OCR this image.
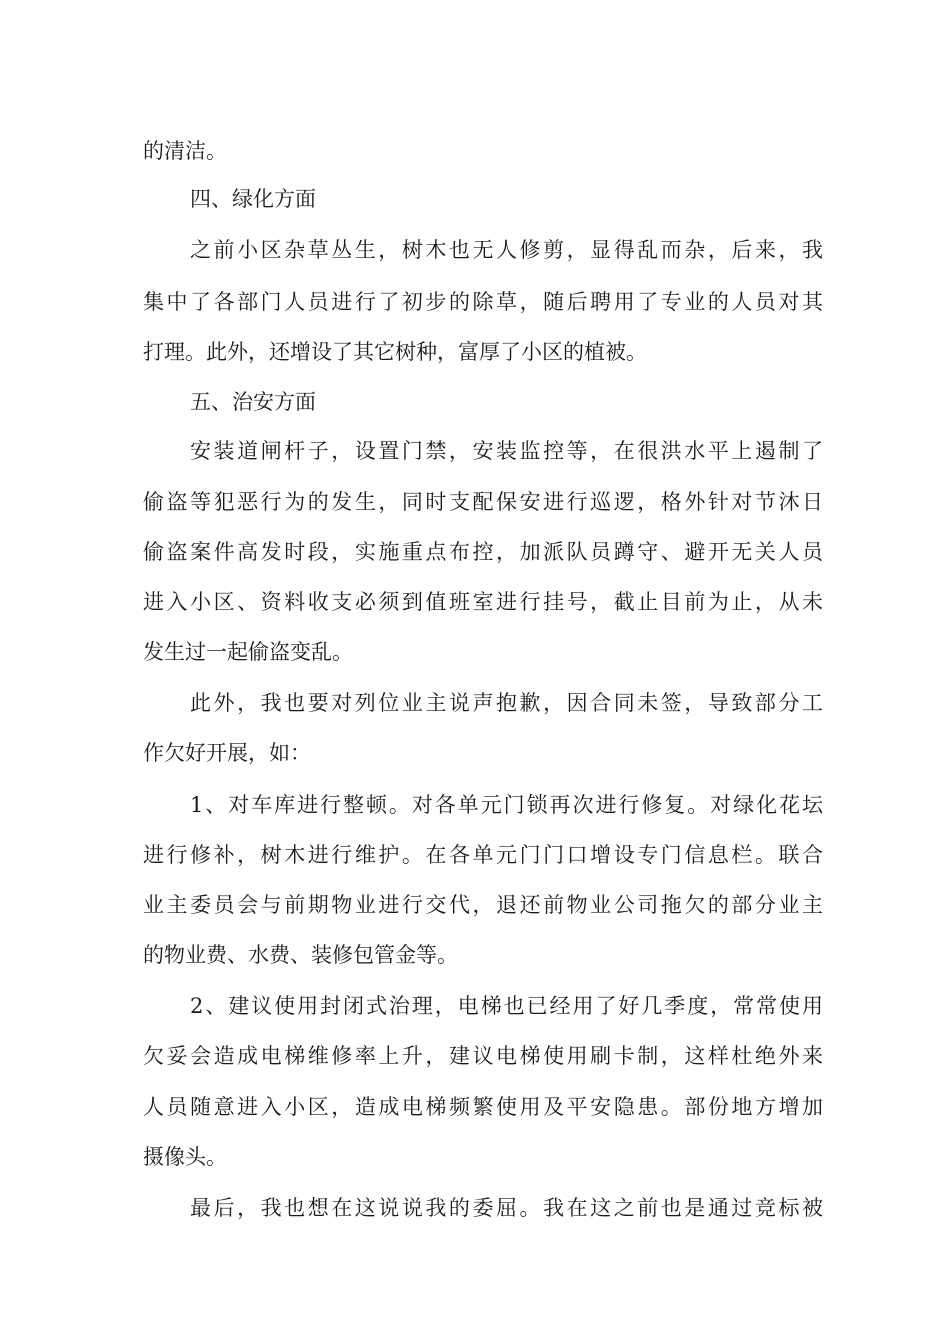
的清洁。
四、绿化方面
之前小区杂草丛生，树木也无人修剪，显得乱而杂，后来，我
集中了各部门人员进行了初步的除草，随后聘用了专业的人员对其
打理。此外，还增设了其它树种，富厚了小区的植被。
五、治安方面
安装道闸杆子，设置门禁，安装监控等，在很洪水平上遏制了
偷盗等犯恶行为的发生，同时支配保安进行巡逻，格外针对节沐日
偷盗案件高发时段，实施重点布控，加派队员蹲守、避开无关人员
进入小区、资料收支必须到值班室进行挂号，截止目前为止，从未
发生过一起偷盗变乱。
此外，我也要对列位业主说声抱歉，因合同未签，导致部分工
作欠好开展，如：
1、对车库进行整顿。对各单元门锁再次进行修复。对绿化花坛
进行修补，树木进行维护。在各单元门门口增设专门信息栏。联合
业主委员会与前期物业进行交代，退还前物业公司拖欠的部分业主
的物业费、水费、装修包管金等。
2、建议使用封闭式治理，电梯也已经用了好几季度，常常使用
欠妥会造成电梯维修率上升，建议电梯使用刷卡制，这样杜绝外来
人员随意进入小区，造成电梯频繁使用及平安隐患。部份地方增加
摄像头。
最后，我也想在这说说我的委屈。我在这之前也是通过竞标被
